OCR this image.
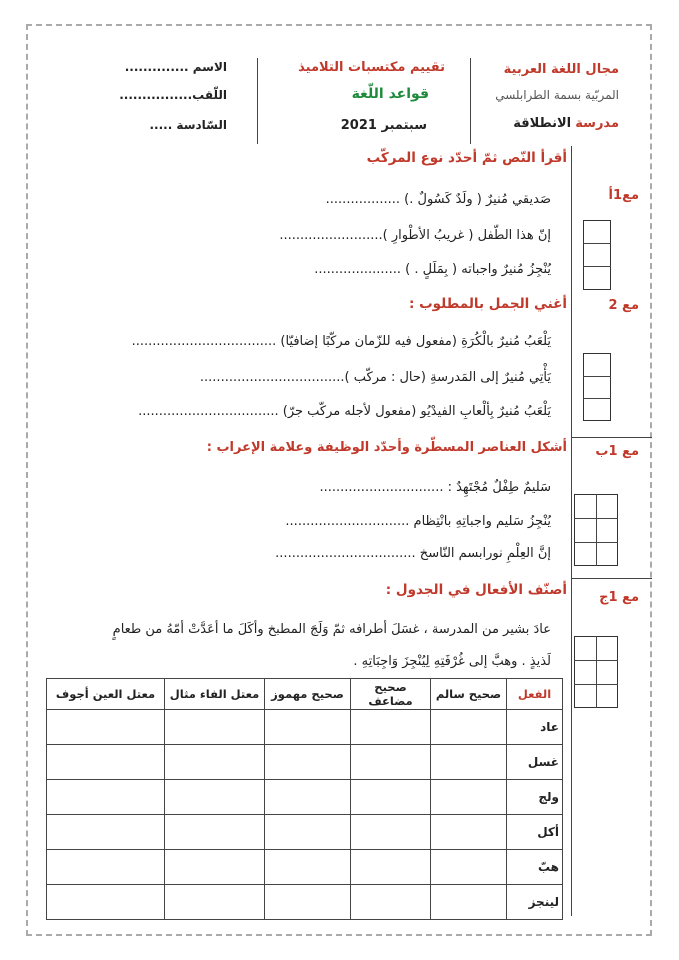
مجال اللغة العربية
المربّية بسمة الطرابلسي
مدرسة الانطلاقة
تقييم مكتسبات التلاميذ
قواعد اللّغة
سبتمبر 2021
الاسم ..............
اللّقب................
السّادسة .....
مع1أ
أقرأ النّص ثمّ أحدّد نوع المركّب
صَديقي مُنيرٌ ( ولَدٌ كَسُولٌ .) ..................
إنّ هذا الطّفل ( غريبُ الأطْوارِ ).........................
يُنْجِزُ مُنيرٌ واجباته ( بِمَلَلٍ . ) .....................
مع 2
أغني الجمل بالمطلوب :
يَلْعَبُ مُنيرٌ بالْكُرَةِ (مفعول فيه للزّمان مركّبًا إضافيّا) ...................................
يَأْتِي مُنيرٌ إلى المَدرسةِ (حال : مركّب )...................................
يَلْعَبُ مُنيرٌ بِألْعابِ الفيدْيُو (مفعول لأجله مركّب جرّ) ..................................
مع 1ب
أشكل العناصر المسطّرة وأحدّد الوظيفة وعلامة الإعراب :
سَليمٌ طِفْلٌ مُجْتَهِدٌ : ..............................
يُنْجِزُ سَليم واجباتِهِ بانْتِظام ..............................
إنَّ العِلْمِ نورابسم النّاسخ ..................................
مع 1ج
أصنّف الأفعال في الجدول :
عادَ بشير من المدرسة ، غسَلَ أطرافه ثمّ وَلَجَ المطبخ وأكَلَ ما أعَدَّتْ أمّهُ من طعامٍ
لَذيذٍ . وهبَّ إلى غُرْفَتِهِ لِيُنْجِزَ وَاجِبَاتِهِ .
الفعل	صحيح سالم	صحيح مضاعف	صحيح مهموز	معتل الفاء مثال	معتل العين أجوف
عاد					
غسل					
ولج					
أكل					
هبّ					
لينجز					
